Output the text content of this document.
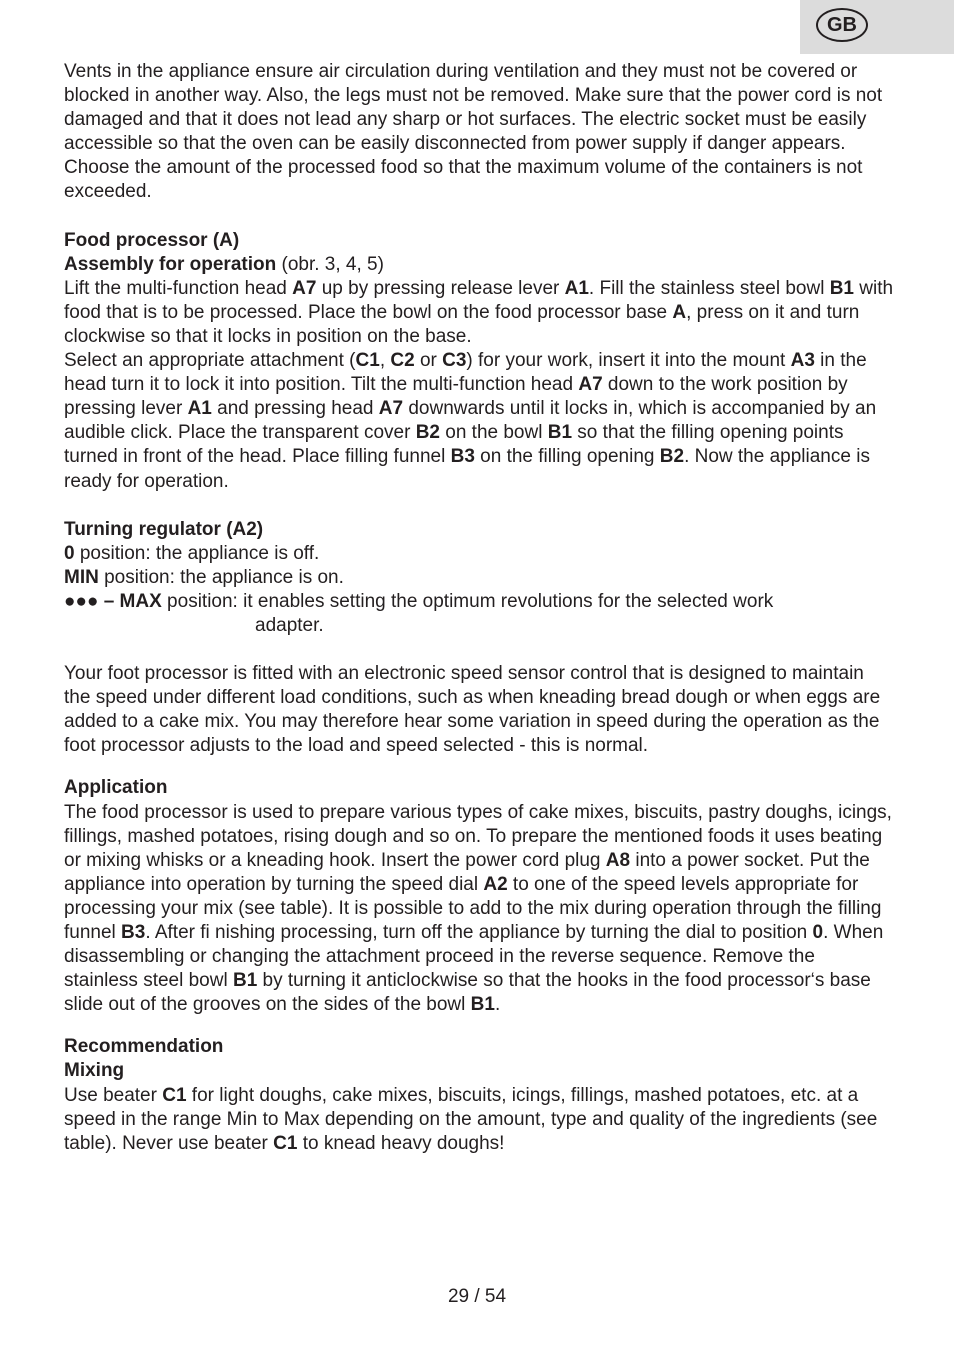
GB

Vents in the appliance ensure air circulation during ventilation and they must not be covered or blocked in another way. Also, the legs must not be removed. Make sure that the power cord is not damaged and that it does not lead any sharp or hot surfaces. The electric socket must be easily accessible so that the oven can be easily disconnected from power supply if danger appears. Choose the amount of the processed food so that the maximum volume of the containers is not exceeded.

Food processor (A)

Assembly for operation (obr. 3, 4, 5)

Lift the multi-function head A7 up by pressing release lever A1. Fill the stainless steel bowl B1 with food that is to be processed. Place the bowl on the food processor base A, press on it and turn clockwise so that it locks in position on the base.

Select an appropriate attachment (C1, C2 or C3) for your work, insert it into the mount A3 in the head turn it to lock it into position. Tilt the multi-function head A7 down to the work position by pressing lever A1 and pressing head A7 downwards until it locks in, which is accompanied by an audible click. Place the transparent cover B2 on the bowl B1 so that the filling opening points turned in front of the head. Place filling funnel B3 on the filling opening B2. Now the appliance is ready for operation.

Turning regulator (A2)

0 position: the appliance is off.

MIN position: the appliance is on.

●●● – MAX position: it enables setting the optimum revolutions for the selected work

adapter.

Your foot processor is fitted with an electronic speed sensor control that is designed to maintain the speed under different load conditions, such as when kneading bread dough or when eggs are added to a cake mix. You may therefore hear some variation in speed during the operation as the foot processor adjusts to the load and speed selected - this is normal.

Application

The food processor is used to prepare various types of cake mixes, biscuits, pastry doughs, icings, fillings, mashed potatoes, rising dough and so on. To prepare the mentioned foods it uses beating or mixing whisks or a kneading hook. Insert the power cord plug A8 into a power socket. Put the appliance into operation by turning the speed dial A2 to one of the speed levels appropriate for processing your mix (see table). It is possible to add to the mix during operation through the filling funnel B3. After fi nishing processing, turn off the appliance by turning the dial to position 0. When disassembling or changing the attachment proceed in the reverse sequence. Remove the stainless steel bowl B1 by turning it anticlockwise so that the hooks in the food processor‘s base slide out of the grooves on the sides of the bowl B1.

Recommendation

Mixing

Use beater C1 for light doughs, cake mixes, biscuits, icings, fillings, mashed potatoes, etc. at a speed in the range Min to Max depending on the amount, type and quality of the ingredients (see table). Never use beater C1 to knead heavy doughs!

29 / 54
